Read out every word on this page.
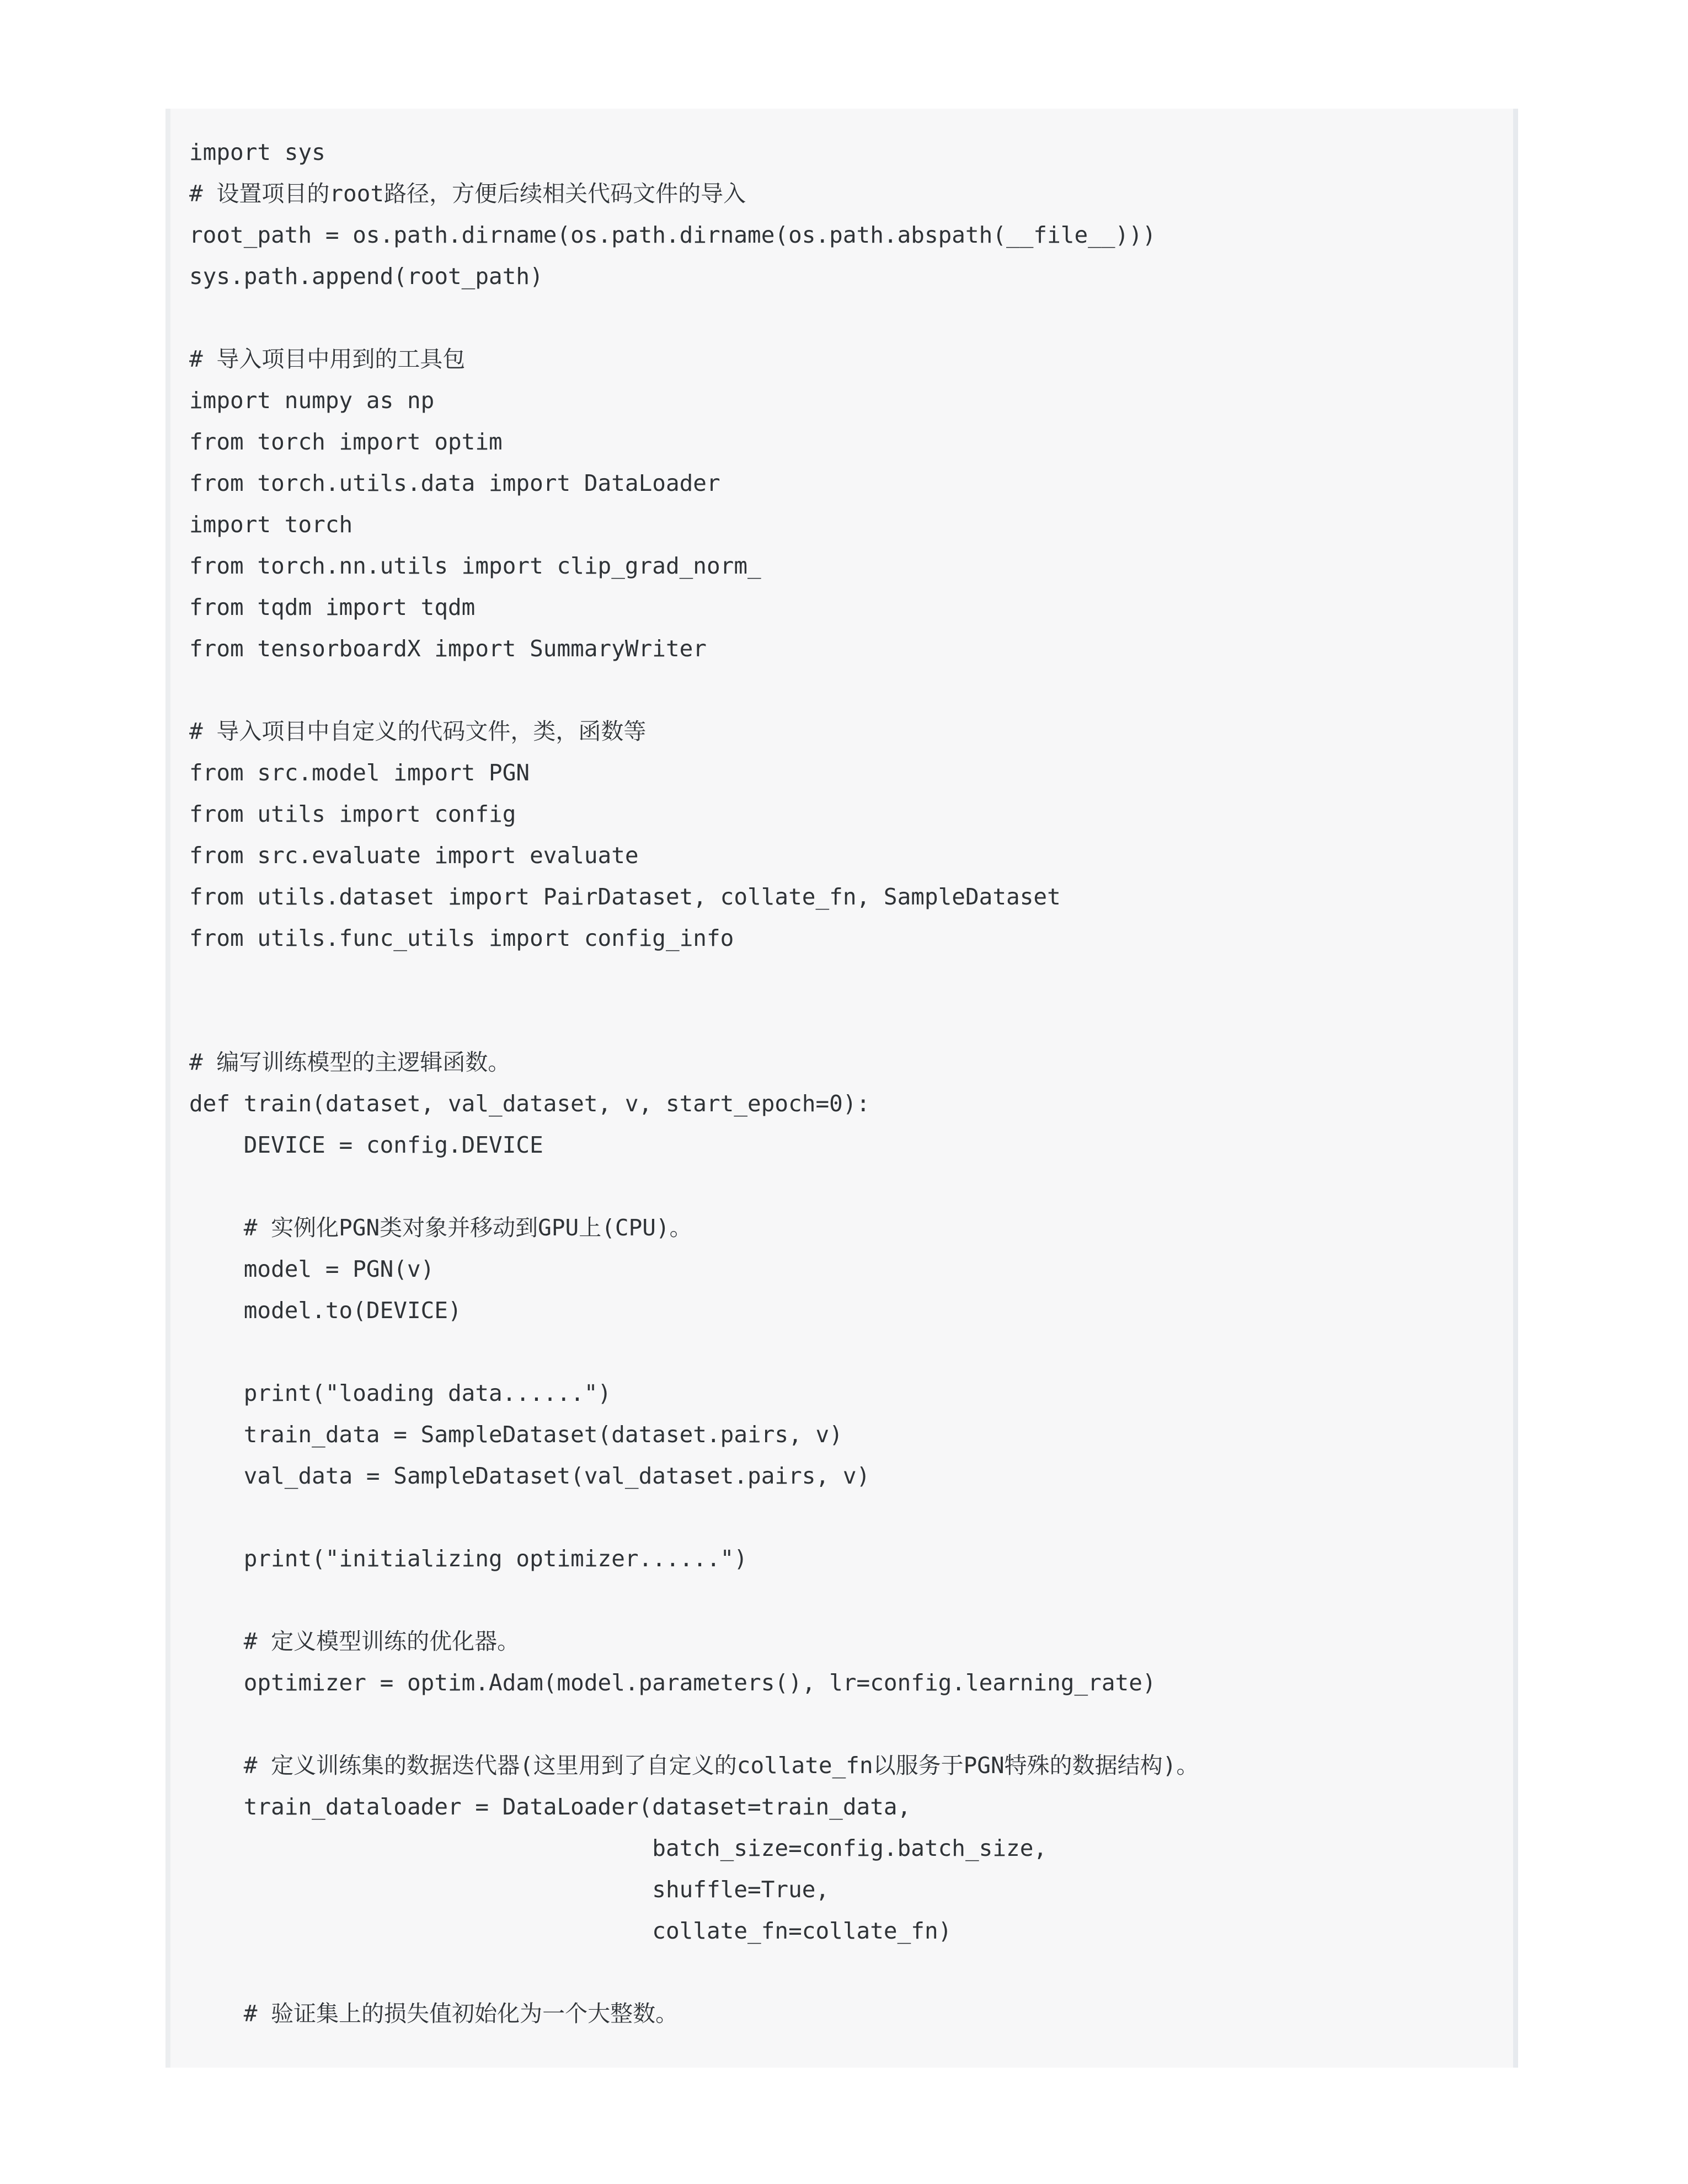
import sys
# 设置项目的root路径，方便后续相关代码文件的导入
root_path = os.path.dirname(os.path.dirname(os.path.abspath(__file__)))
sys.path.append(root_path)
# 导入项目中用到的工具包
import numpy as np
from torch import optim
from torch.utils.data import DataLoader
import torch
from torch.nn.utils import clip_grad_norm_
from tqdm import tqdm
from tensorboardX import SummaryWriter
# 导入项目中自定义的代码文件，类，函数等
from src.model import PGN
from utils import config
from src.evaluate import evaluate
from utils.dataset import PairDataset, collate_fn, SampleDataset
from utils.func_utils import config_info
# 编写训练模型的主逻辑函数。
def train(dataset, val_dataset, v, start_epoch=0):
DEVICE = config.DEVICE
# 实例化PGN类对象并移动到GPU上(CPU)。
model = PGN(v)
model.to(DEVICE)
print("loading data......")
train_data = SampleDataset(dataset.pairs, v)
val_data = SampleDataset(val_dataset.pairs, v)
print("initializing optimizer......")
# 定义模型训练的优化器。
optimizer = optim.Adam(model.parameters(), lr=config.learning_rate)
# 定义训练集的数据迭代器(这里用到了自定义的collate_fn以服务于PGN特殊的数据结构)。
train_dataloader = DataLoader(dataset=train_data,
batch_size=config.batch_size,
shuffle=True,
collate_fn=collate_fn)
# 验证集上的损失值初始化为一个大整数。
